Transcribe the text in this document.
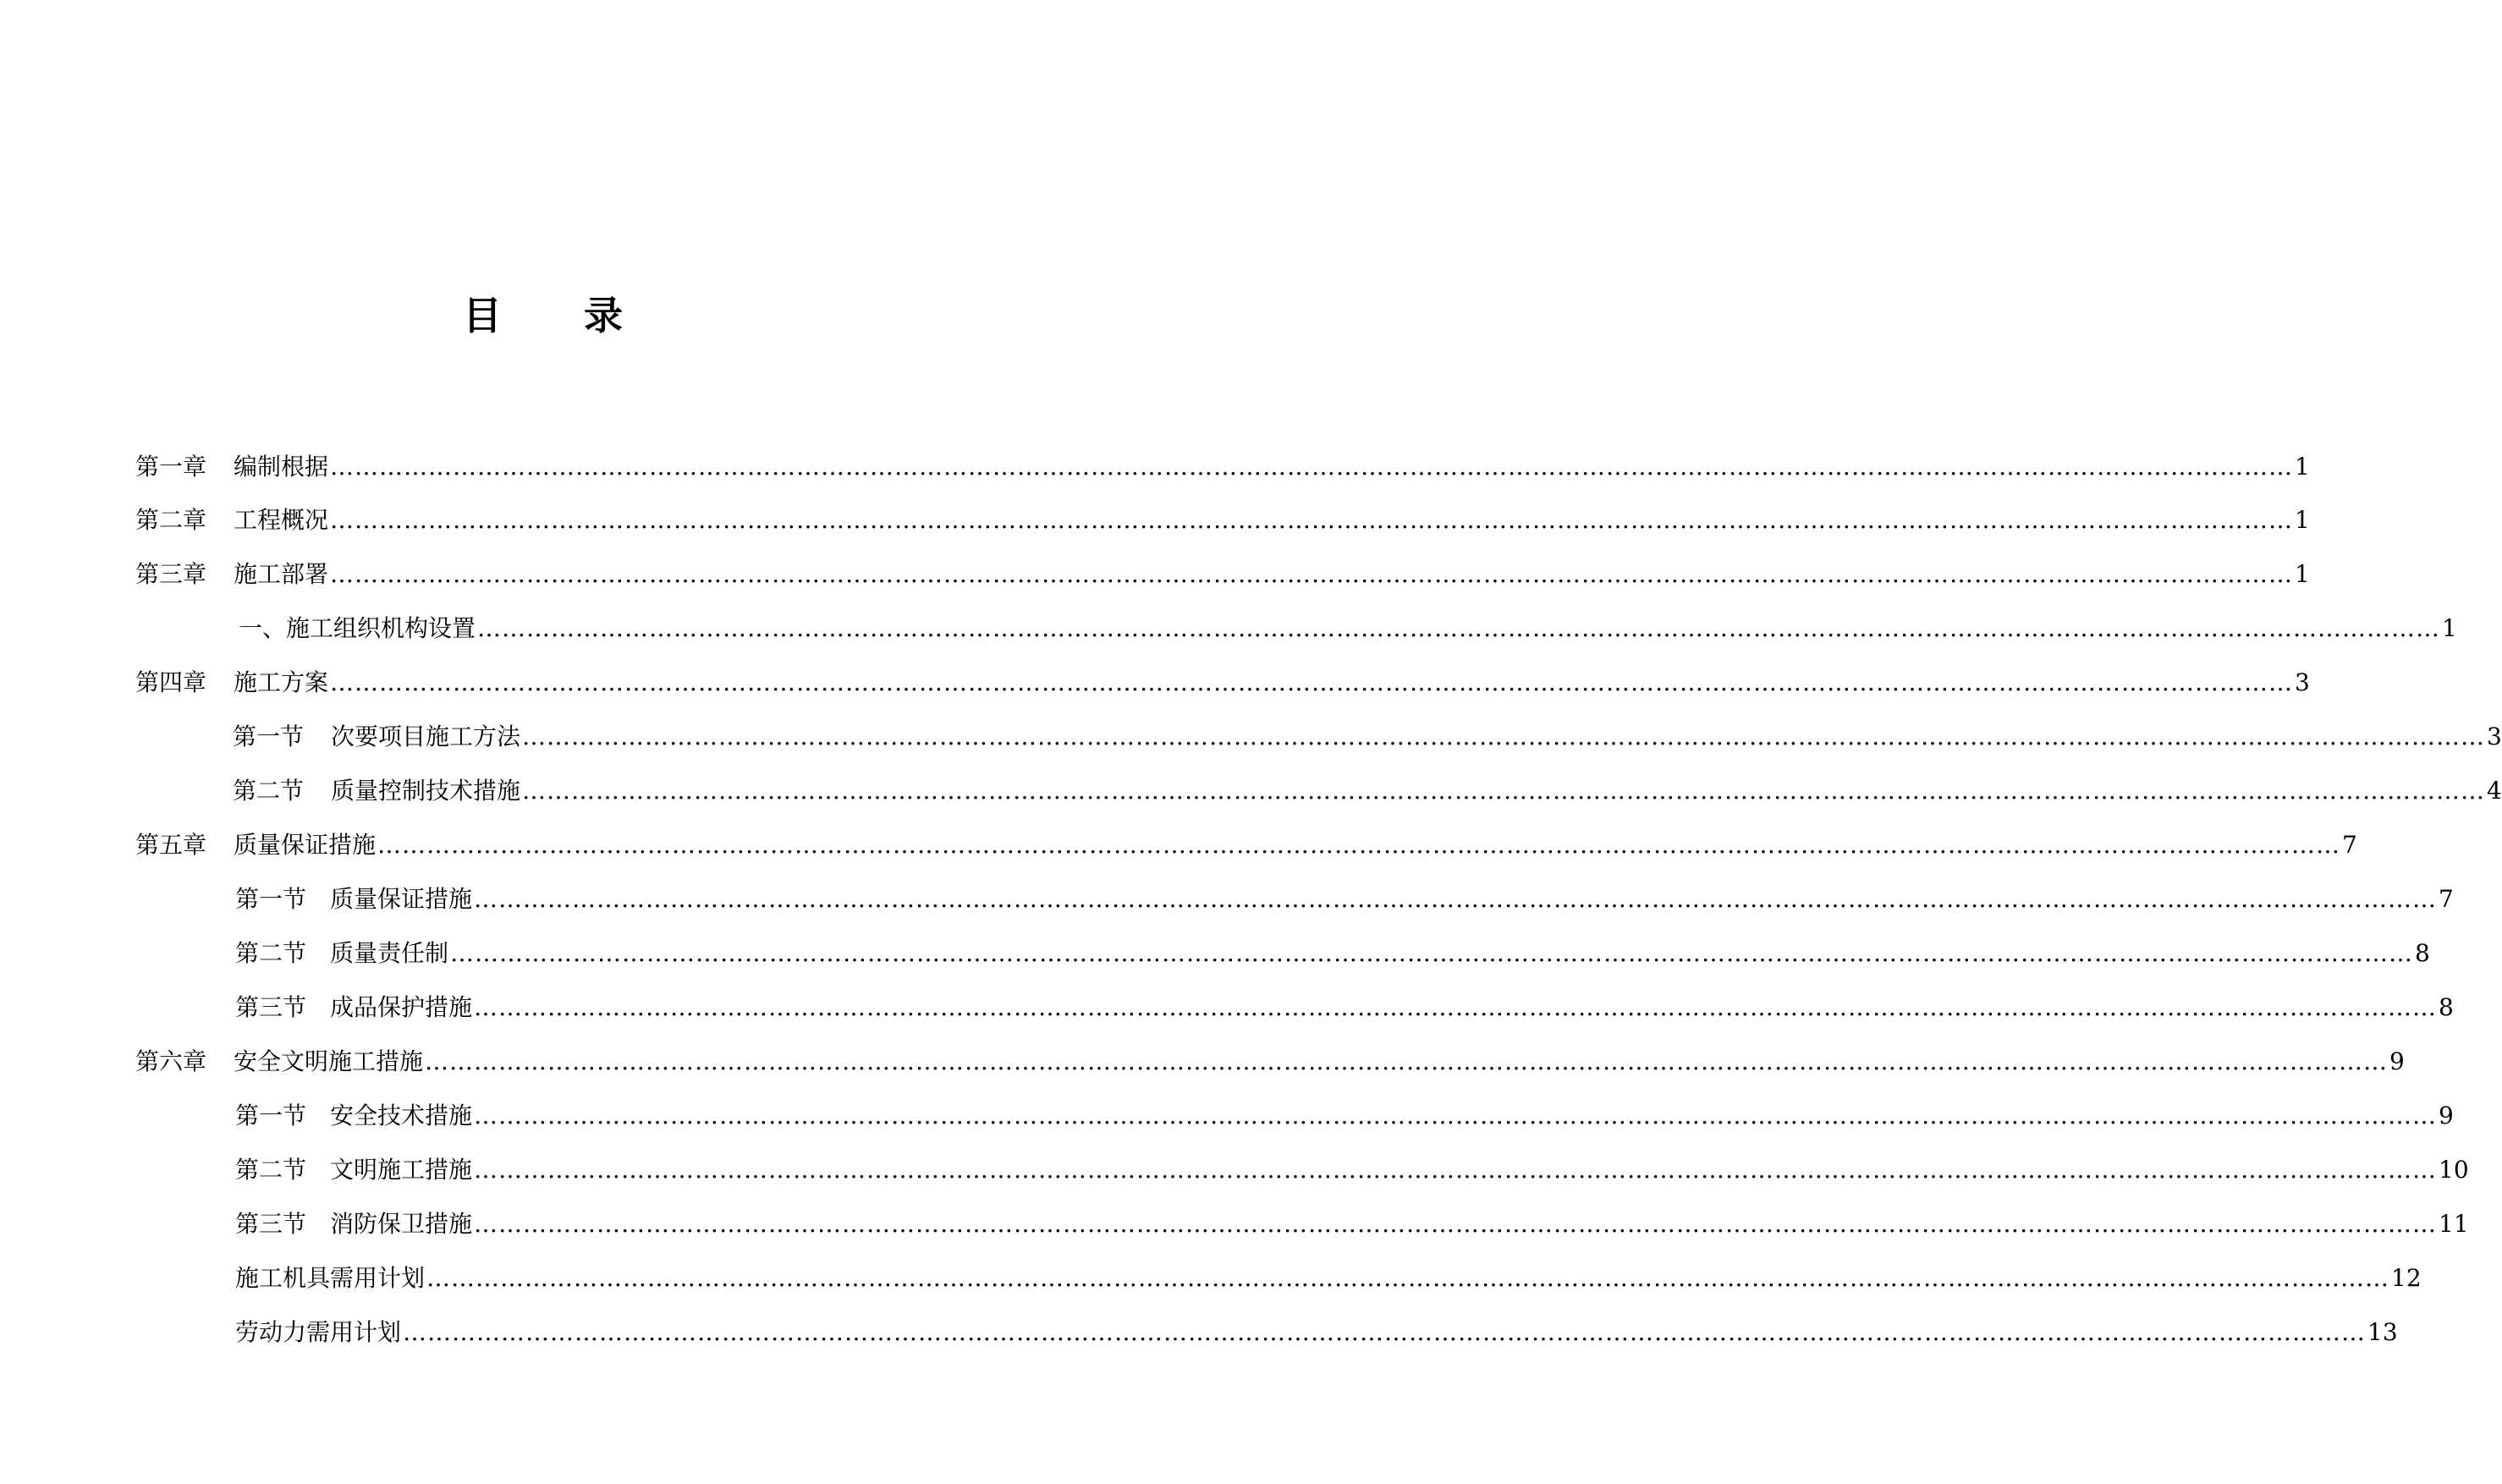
目 录
第一章 编制根据 …………………………………………………………………………………………………………………………………………………………………………………………………………………… 1
第二章 工程概况 …………………………………………………………………………………………………………………………………………………………………………………………………………………… 1
第三章 施工部署 …………………………………………………………………………………………………………………………………………………………………………………………………………………… 1
一、施工组织机构设置 …………………………………………………………………………………………………………………………………………………………………………………………………………………… 1
第四章 施工方案 …………………………………………………………………………………………………………………………………………………………………………………………………………………… 3
第一节 次要项目施工方法 …………………………………………………………………………………………………………………………………………………………………………………………………………………… 3
第二节 质量控制技术措施 …………………………………………………………………………………………………………………………………………………………………………………………………………………… 4
第五章 质量保证措施 …………………………………………………………………………………………………………………………………………………………………………………………………………………… 7
第一节 质量保证措施 …………………………………………………………………………………………………………………………………………………………………………………………………………………… 7
第二节 质量责任制 …………………………………………………………………………………………………………………………………………………………………………………………………………………… 8
第三节 成品保护措施 …………………………………………………………………………………………………………………………………………………………………………………………………………………… 8
第六章 安全文明施工措施 …………………………………………………………………………………………………………………………………………………………………………………………………………………… 9
第一节 安全技术措施 …………………………………………………………………………………………………………………………………………………………………………………………………………………… 9
第二节 文明施工措施 …………………………………………………………………………………………………………………………………………………………………………………………………………………… 10
第三节 消防保卫措施 …………………………………………………………………………………………………………………………………………………………………………………………………………………… 11
施工机具需用计划 …………………………………………………………………………………………………………………………………………………………………………………………………………………… 12
劳动力需用计划 …………………………………………………………………………………………………………………………………………………………………………………………………………………… 13
